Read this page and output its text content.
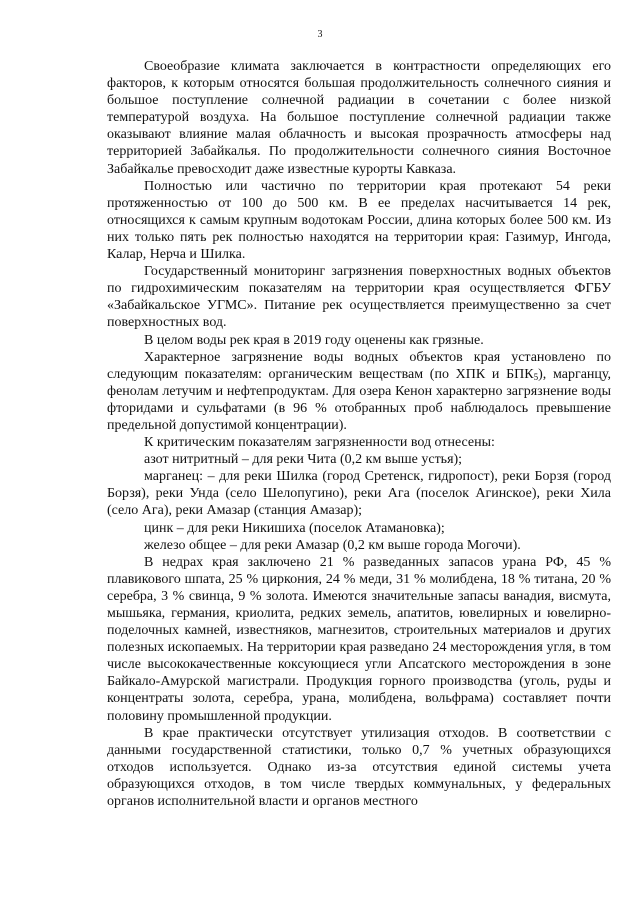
3

Своеобразие климата заключается в контрастности определяющих его факторов, к которым относятся большая продолжительность солнечного сияния и большое поступление солнечной радиации в сочетании с более низкой температурой воздуха. На большое поступление солнечной радиации также оказывают влияние малая облачность и высокая прозрачность атмосферы над территорией Забайкалья. По продолжительности солнечного сияния Восточное Забайкалье превосходит даже известные курорты Кавказа.

Полностью или частично по территории края протекают 54 реки протяженностью от 100 до 500 км. В ее пределах насчитывается 14 рек, относящихся к самым крупным водотокам России, длина которых более 500 км. Из них только пять рек полностью находятся на территории края: Газимур, Ингода, Калар, Нерча и Шилка.

Государственный мониторинг загрязнения поверхностных водных объектов по гидрохимическим показателям на территории края осуществляется ФГБУ «Забайкальское УГМС». Питание рек осуществляется преимущественно за счет поверхностных вод.

В целом воды рек края в 2019 году оценены как грязные.

Характерное загрязнение воды водных объектов края установлено по следующим показателям: органическим веществам (по ХПК и $БПК_5$), марганцу, фенолам летучим и нефтепродуктам. Для озера Кенон характерно загрязнение воды фторидами и сульфатами (в 96 % отобранных проб наблюдалось превышение предельной допустимой концентрации).

К критическим показателям загрязненности вод отнесены:

азот нитритный – для реки Чита (0,2 км выше устья);

марганец: – для реки Шилка (город Сретенск, гидропост), реки Борзя (город Борзя), реки Унда (село Шелопугино), реки Ага (поселок Агинское), реки Хила (село Ага), реки Амазар (станция Амазар);

цинк – для реки Никишиха (поселок Атамановка);

железо общее – для реки Амазар (0,2 км выше города Могочи).

В недрах края заключено 21 % разведанных запасов урана РФ, 45 % плавикового шпата, 25 % циркония, 24 % меди, 31 % молибдена, 18 % титана, 20 % серебра, 3 % свинца, 9 % золота. Имеются значительные запасы ванадия, висмута, мышьяка, германия, криолита, редких земель, апатитов, ювелирных и ювелирно-поделочных камней, известняков, магнезитов, строительных материалов и других полезных ископаемых. На территории края разведано 24 месторождения угля, в том числе высококачественные коксующиеся угли Апсатского месторождения в зоне Байкало-Амурской магистрали. Продукция горного производства (уголь, руды и концентраты золота, серебра, урана, молибдена, вольфрама) составляет почти половину промышленной продукции.

В крае практически отсутствует утилизация отходов. В соответствии с данными государственной статистики, только 0,7 % учетных образующихся отходов используется. Однако из-за отсутствия единой системы учета образующихся отходов, в том числе твердых коммунальных, у федеральных органов исполнительной власти и органов местного
